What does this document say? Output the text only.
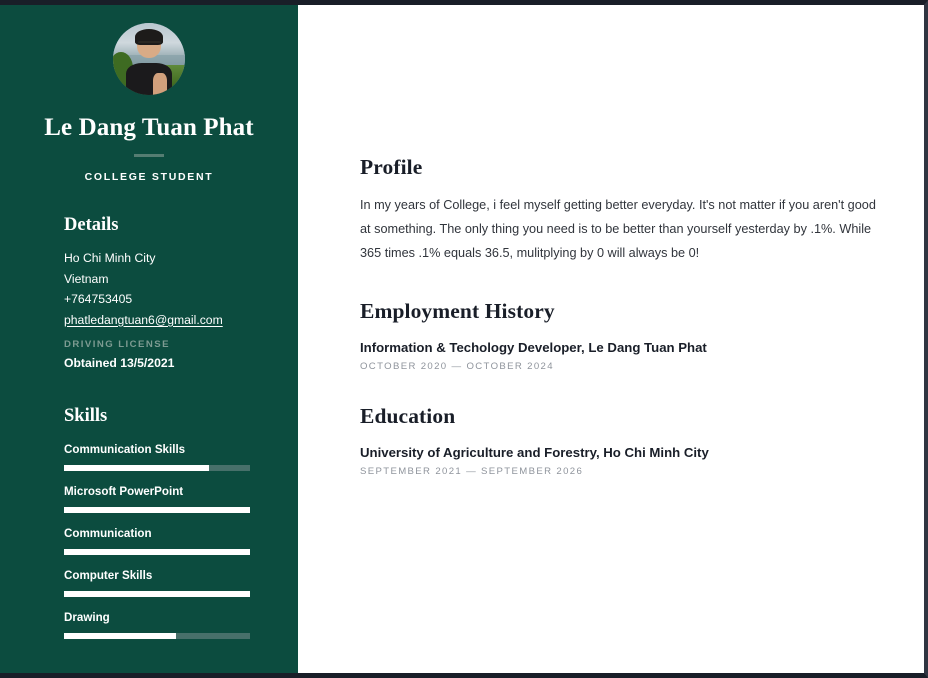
Le Dang Tuan Phat
COLLEGE STUDENT
Details
Ho Chi Minh City
Vietnam
+764753405
phatledangtuan6@gmail.com
DRIVING LICENSE
Obtained 13/5/2021
Skills
Communication Skills
Microsoft PowerPoint
Communication
Computer Skills
Drawing
Profile

In my years of College, i feel myself getting better everyday. It's not matter if you aren't good at something. The only thing you need is to be better than yourself yesterday by .1%. While 365 times .1% equals 36.5, mulitplying by 0 will always be 0!

Employment History
Information & Techology Developer, Le Dang Tuan Phat
OCTOBER 2020 — OCTOBER 2024
Education
University of Agriculture and Forestry, Ho Chi Minh City
SEPTEMBER 2021 — SEPTEMBER 2026
